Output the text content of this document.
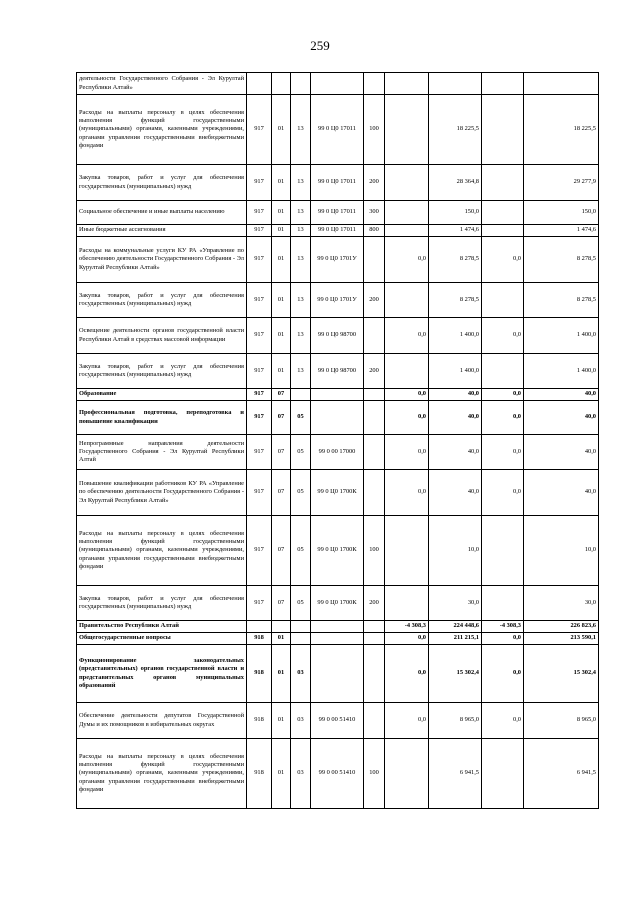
259
деятельности Государственного Собрания - Эл Курултай Республики Алтай»									
Расходы на выплаты персоналу в целях обеспечения выполнения функций государственными (муниципальными) органами, казенными учреждениями, органами управления государственными внебюджетными фондами	917	01	13	99 0 Ц0 17011	100		18 225,5		18 225,5
Закупка товаров, работ и услуг для обеспечения государственных (муниципальных) нужд	917	01	13	99 0 Ц0 17011	200		28 364,8		29 277,9
Социальное обеспечение и иные выплаты населению	917	01	13	99 0 Ц0 17011	300		150,0		150,0
Иные бюджетные ассигнования	917	01	13	99 0 Ц0 17011	800		1 474,6		1 474,6
Расходы на коммунальные услуги КУ РА «Управление по обеспечению деятельности Государственного Собрания - Эл Курултай Республики Алтай»	917	01	13	99 0 Ц0 1701У		0,0	8 278,5	0,0	8 278,5
Закупка товаров, работ и услуг для обеспечения государственных (муниципальных) нужд	917	01	13	99 0 Ц0 1701У	200		8 278,5		8 278,5
Освещение деятельности органов государственной власти Республики Алтай в средствах массовой информации	917	01	13	99 0 Ц0 98700		0,0	1 400,0	0,0	1 400,0
Закупка товаров, работ и услуг для обеспечения государственных (муниципальных) нужд	917	01	13	99 0 Ц0 98700	200		1 400,0		1 400,0
Образование	917	07				0,0	40,0	0,0	40,0
Профессиональная подготовка, переподготовка и повышение квалификации	917	07	05			0,0	40,0	0,0	40,0
Непрограммные направления деятельности Государственного Собрания - Эл Курултай Республики Алтай	917	07	05	99 0 00 17000		0,0	40,0	0,0	40,0
Повышение квалификации работников КУ РА «Управление по обеспечению деятельности Государственного Собрания - Эл Курултай Республики Алтай»	917	07	05	99 0 Ц0 1700К		0,0	40,0	0,0	40,0
Расходы на выплаты персоналу в целях обеспечения выполнения функций государственными (муниципальными) органами, казенными учреждениями, органами управления государственными внебюджетными фондами	917	07	05	99 0 Ц0 1700К	100		10,0		10,0
Закупка товаров, работ и услуг для обеспечения государственных (муниципальных) нужд	917	07	05	99 0 Ц0 1700К	200		30,0		30,0
Правительство Республики Алтай						-4 308,3	224 448,6	-4 308,3	226 823,6
Общегосударственные вопросы	918	01				0,0	211 215,1	0,0	213 590,1
Функционирование законодательных (представительных) органов государственной власти и представительных органов муниципальных образований	918	01	03			0,0	15 302,4	0,0	15 302,4
Обеспечение деятельности депутатов Государственной Думы и их помощников в избирательных округах	918	01	03	99 0 00 51410		0,0	8 965,0	0,0	8 965,0
Расходы на выплаты персоналу в целях обеспечения выполнения функций государственными (муниципальными) органами, казенными учреждениями, органами управления государственными внебюджетными фондами	918	01	03	99 0 00 51410	100		6 941,5		6 941,5
